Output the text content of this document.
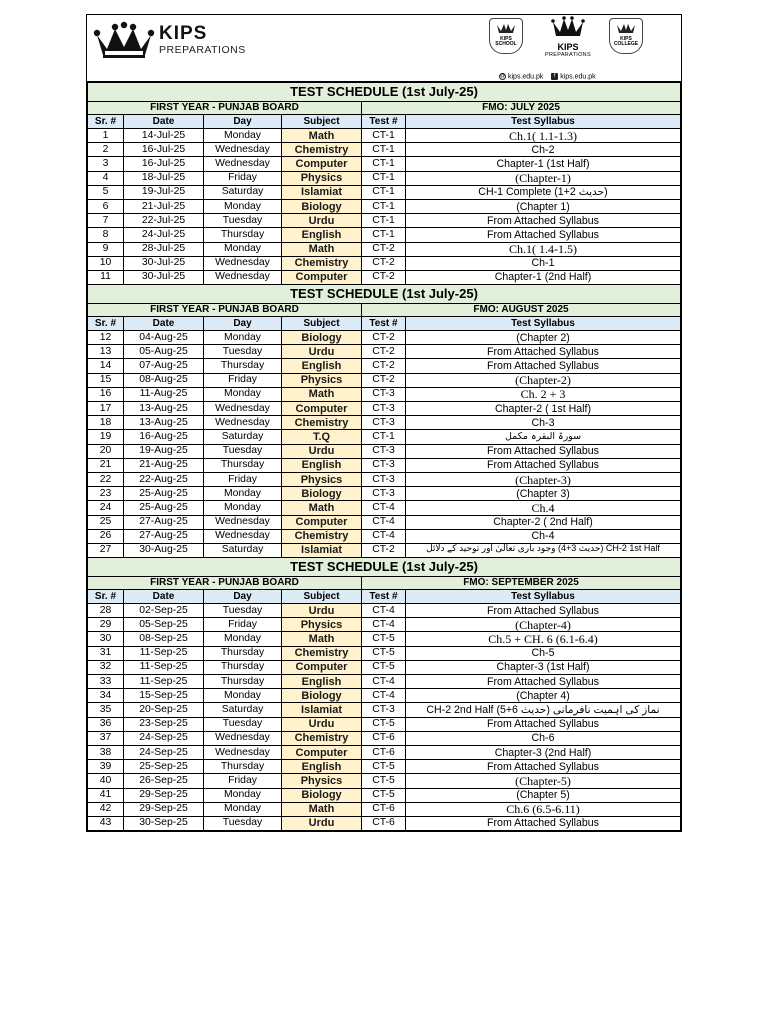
KIPS
PREPARATIONS
KIPS SCHOOL	KIPS
PREPARATIONS
KIPS COLLEGE
@ kips.edu.pk f kips.edu.pk
TEST SCHEDULE (1st July-25)					
FIRST YEAR - PUNJAB BOARD				FMO: JULY 2025	
Sr. #	Date	Day	Subject	Test #	Test Syllabus
1	14-Jul-25	Monday	Math	CT-1	Ch.1( 1.1-1.3)
2	16-Jul-25	Wednesday	Chemistry	CT-1	Ch-2
3	16-Jul-25	Wednesday	Computer	CT-1	Chapter-1 (1st Half)
4	18-Jul-25	Friday	Physics	CT-1	(Chapter-1)
5	19-Jul-25	Saturday	Islamiat	CT-1	CH-1 Complete (1+2 حدیث)
6	21-Jul-25	Monday	Biology	CT-1	(Chapter 1)
7	22-Jul-25	Tuesday	Urdu	CT-1	From Attached Syllabus
8	24-Jul-25	Thursday	English	CT-1	From Attached Syllabus
9	28-Jul-25	Monday	Math	CT-2	Ch.1( 1.4-1.5)
10	30-Jul-25	Wednesday	Chemistry	CT-2	Ch-1
11	30-Jul-25	Wednesday	Computer	CT-2	Chapter-1 (2nd Half)
TEST SCHEDULE (1st July-25)					
FIRST YEAR - PUNJAB BOARD				FMO: AUGUST 2025	
Sr. #	Date	Day	Subject	Test #	Test Syllabus
12	04-Aug-25	Monday	Biology	CT-2	(Chapter 2)
13	05-Aug-25	Tuesday	Urdu	CT-2	From Attached Syllabus
14	07-Aug-25	Thursday	English	CT-2	From Attached Syllabus
15	08-Aug-25	Friday	Physics	CT-2	(Chapter-2)
16	11-Aug-25	Monday	Math	CT-3	Ch. 2 + 3
17	13-Aug-25	Wednesday	Computer	CT-3	Chapter-2 ( 1st Half)
18	13-Aug-25	Wednesday	Chemistry	CT-3	Ch-3
19	16-Aug-25	Saturday	T.Q	CT-1	سورۃ البقرہ مکمل
20	19-Aug-25	Tuesday	Urdu	CT-3	From Attached Syllabus
21	21-Aug-25	Thursday	English	CT-3	From Attached Syllabus
22	22-Aug-25	Friday	Physics	CT-3	(Chapter-3)
23	25-Aug-25	Monday	Biology	CT-3	(Chapter 3)
24	25-Aug-25	Monday	Math	CT-4	Ch.4
25	27-Aug-25	Wednesday	Computer	CT-4	Chapter-2 ( 2nd Half)
26	27-Aug-25	Wednesday	Chemistry	CT-4	Ch-4
27	30-Aug-25	Saturday	Islamiat	CT-2	CH-2 1st Half (حدیث 3+4) وجود باری تعالیٰ اور توحید کے دلائل
TEST SCHEDULE (1st July-25)					
FIRST YEAR - PUNJAB BOARD				FMO: SEPTEMBER 2025	
Sr. #	Date	Day	Subject	Test #	Test Syllabus
28	02-Sep-25	Tuesday	Urdu	CT-4	From Attached Syllabus
29	05-Sep-25	Friday	Physics	CT-4	(Chapter-4)
30	08-Sep-25	Monday	Math	CT-5	Ch.5 + CH. 6 (6.1-6.4)
31	11-Sep-25	Thursday	Chemistry	CT-5	Ch-5
32	11-Sep-25	Thursday	Computer	CT-5	Chapter-3 (1st Half)
33	11-Sep-25	Thursday	English	CT-4	From Attached Syllabus
34	15-Sep-25	Monday	Biology	CT-4	(Chapter 4)
35	20-Sep-25	Saturday	Islamiat	CT-3	CH-2 2nd Half (5+6 حدیث) نماز کی اہمیت نافرمانی
36	23-Sep-25	Tuesday	Urdu	CT-5	From Attached Syllabus
37	24-Sep-25	Wednesday	Chemistry	CT-6	Ch-6
38	24-Sep-25	Wednesday	Computer	CT-6	Chapter-3 (2nd Half)
39	25-Sep-25	Thursday	English	CT-5	From Attached Syllabus
40	26-Sep-25	Friday	Physics	CT-5	(Chapter-5)
41	29-Sep-25	Monday	Biology	CT-5	(Chapter 5)
42	29-Sep-25	Monday	Math	CT-6	Ch.6 (6.5-6.11)
43	30-Sep-25	Tuesday	Urdu	CT-6	From Attached Syllabus
